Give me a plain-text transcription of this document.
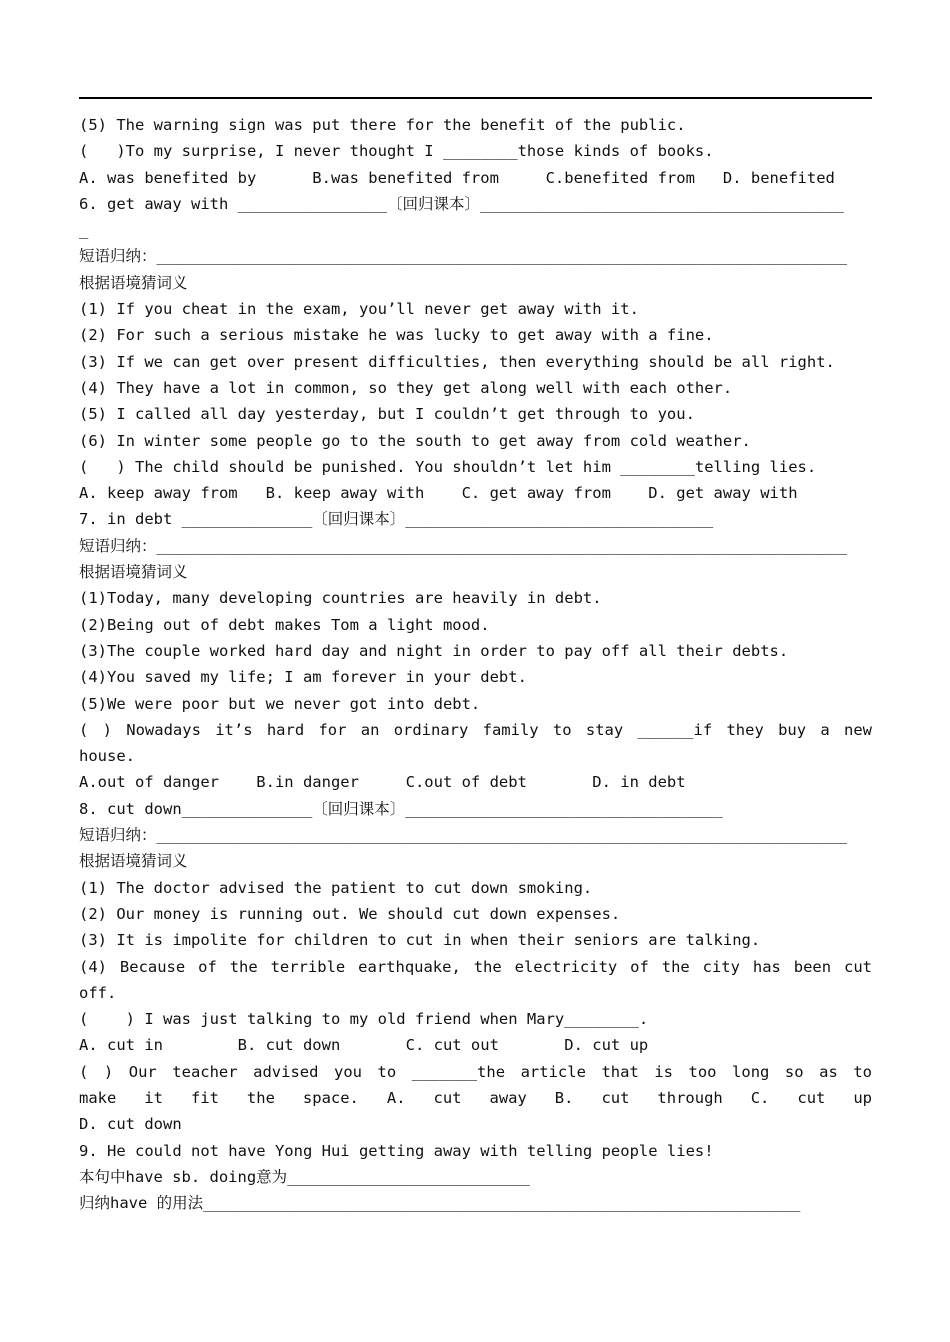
(5) The warning sign was put there for the benefit of the public.
(   )To my surprise, I never thought I ________those kinds of books.
A. was benefited by      B.was benefited from     C.benefited from   D. benefited
6. get away with ________________〔回归课本〕_______________________________________
_
短语归纳：__________________________________________________________________________
根据语境猜词义
(1) If you cheat in the exam, you’ll never get away with it.
(2) For such a serious mistake he was lucky to get away with a fine.
(3) If we can get over present difficulties, then everything should be all right.
(4) They have a lot in common, so they get along well with each other.
(5) I called all day yesterday, but I couldn’t get through to you.
(6) In winter some people go to the south to get away from cold weather.
(   ) The child should be punished. You shouldn’t let him ________telling lies.
A. keep away from   B. keep away with    C. get away from    D. get away with
7. in debt ______________〔回归课本〕_________________________________
短语归纳：__________________________________________________________________________
根据语境猜词义
(1)Today, many developing countries are heavily in debt.
(2)Being out of debt makes Tom a light mood.
(3)The couple worked hard day and night in order to pay off all their debts.
(4)You saved my life; I am forever in your debt.
(5)We were poor but we never got into debt.
( ) Nowadays it’s hard for an ordinary family to stay ______if they buy a new
house.
A.out of danger    B.in danger     C.out of debt       D. in debt
8. cut down______________〔回归课本〕__________________________________
短语归纳：__________________________________________________________________________
根据语境猜词义
(1) The doctor advised the patient to cut down smoking.
(2) Our money is running out. We should cut down expenses.
(3) It is impolite for children to cut in when their seniors are talking.
(4) Because of the terrible earthquake, the electricity of the city has been cut
off.
(    ) I was just talking to my old friend when Mary________.
A. cut in        B. cut down       C. cut out       D. cut up
( ) Our teacher advised you to _______the article that is too long so as to
make it fit the space. A. cut away B. cut through C. cut up
D. cut down
9. He could not have Yong Hui getting away with telling people lies!
本句中have sb. doing意为__________________________
归纳have 的用法________________________________________________________________
